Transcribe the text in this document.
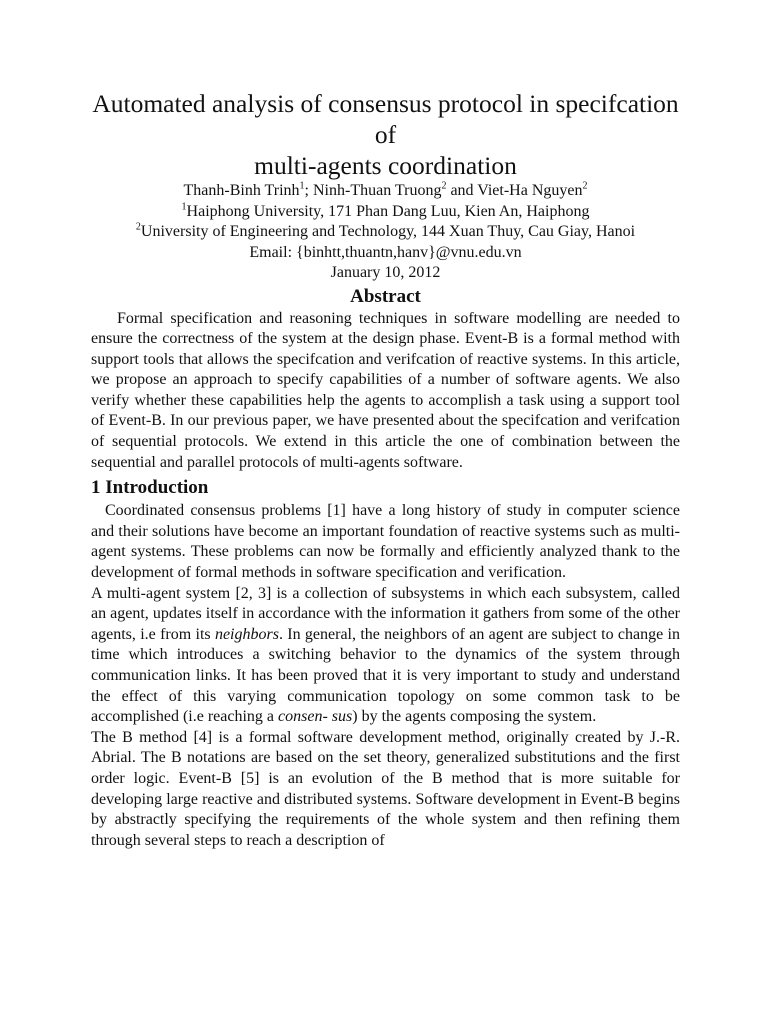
Automated analysis of consensus protocol in specifcation
of
multi-agents coordination
Thanh-Binh Trinh$^1$; Ninh-Thuan Truong$^2$ and Viet-Ha Nguyen$^2$
$^1$Haiphong University, 171 Phan Dang Luu, Kien An, Haiphong
$^2$University of Engineering and Technology, 144 Xuan Thuy, Cau Giay, Hanoi
Email: {binhtt,thuantn,hanv}@vnu.edu.vn
January 10, 2012
Abstract

Formal specification and reasoning techniques in software modelling are needed to ensure the correctness of the system at the design phase. Event-B is a formal method with support tools that allows the specifcation and verifcation of reactive systems. In this article, we propose an approach to specify capabilities of a number of software agents. We also verify whether these capabilities help the agents to accomplish a task using a support tool of Event-B. In our previous paper, we have presented about the specifcation and verifcation of sequential protocols. We extend in this article the one of combination between the sequential and parallel protocols of multi-agents software.

1 Introduction

Coordinated consensus problems [1] have a long history of study in computer science and their solutions have become an important foundation of reactive systems such as multi-agent systems. These problems can now be formally and efficiently analyzed thank to the development of formal methods in software specification and verification.

A multi-agent system [2, 3] is a collection of subsystems in which each subsystem, called an agent, updates itself in accordance with the information it gathers from some of the other agents, i.e from its neighbors. In general, the neighbors of an agent are subject to change in time which introduces a switching behavior to the dynamics of the system through communication links. It has been proved that it is very important to study and understand the effect of this varying communication topology on some common task to be accomplished (i.e reaching a consen- sus) by the agents composing the system.

The B method [4] is a formal software development method, originally created by J.-R. Abrial. The B notations are based on the set theory, generalized substitutions and the first order logic. Event-B [5] is an evolution of the B method that is more suitable for developing large reactive and distributed systems. Software development in Event-B begins by abstractly specifying the requirements of the whole system and then refining them through several steps to reach a description of
